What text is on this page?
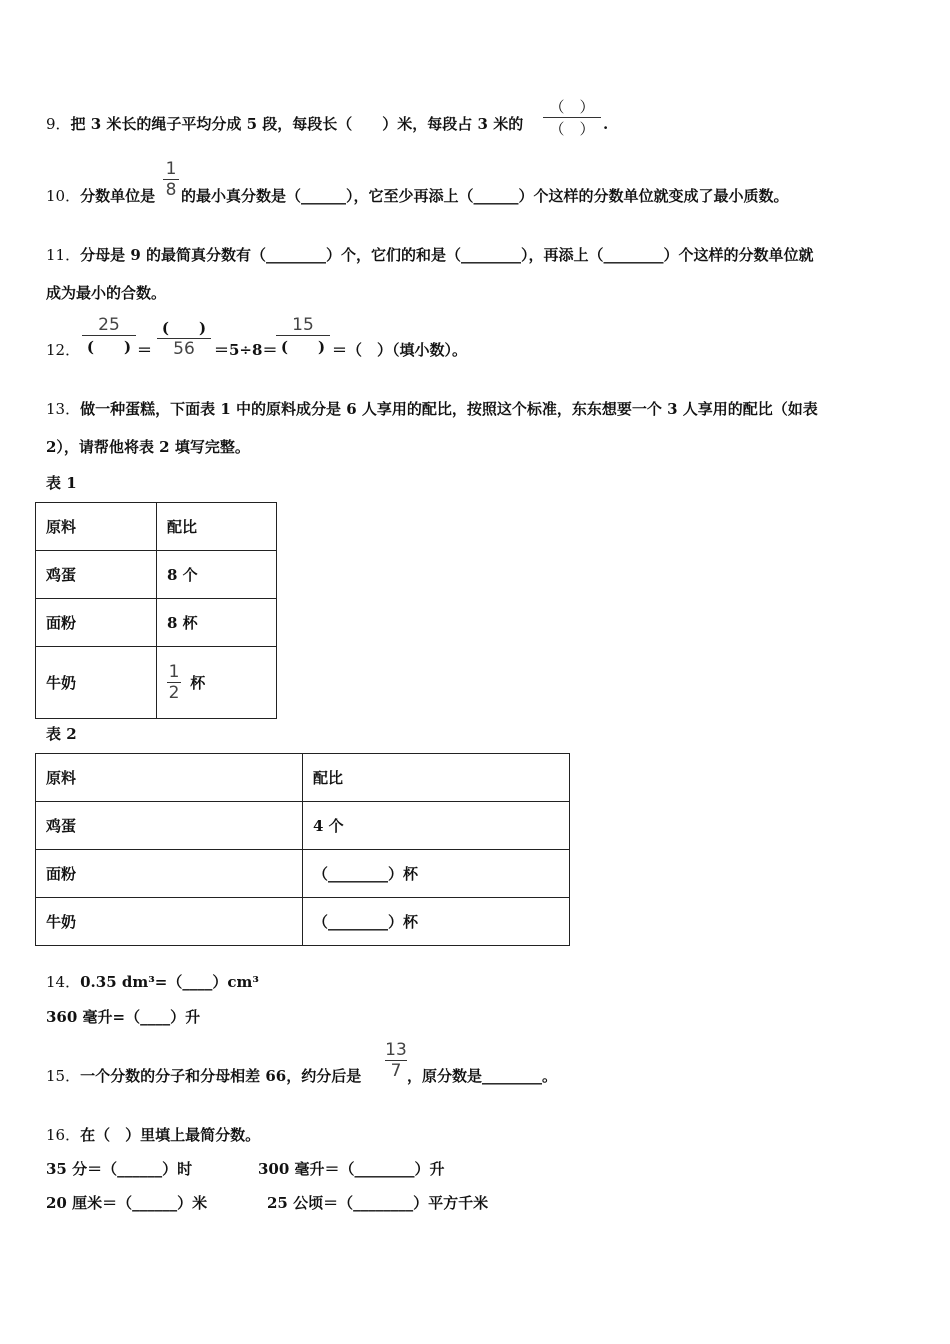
9．把 3 米长的绳子平均分成 5 段，每段长（　　）米，每段占 3 米的
（　）
（　） .
10．分数单位是
1
8 的最小真分数是（______），它至少再添上（______）个这样的分数单位就变成了最小质数。
11．分母是 9 的最简真分数有（________）个，它们的和是（________），再添上（________）个这样的分数单位就
成为最小的合数。
12．
25
(　　) ＝
(　　)
56	＝5÷8＝
15
(　　) ＝（　）（填小数）。
13．做一种蛋糕，下面表 1 中的原料成分是 6 人享用的配比，按照这个标准，东东想要一个 3 人享用的配比（如表
2），请帮他将表 2 填写完整。
表 1
原料	配比
鸡蛋	8 个
面粉	8 杯
牛奶	$\frac{1}{2}$ 杯
表 2
原料	配比
鸡蛋	4 个
面粉	（________）杯
牛奶	（________）杯
14．0.35 dm³=（____）cm³
360 毫升=（____）升
15．一个分数的分子和分母相差 66，约分后是
13
7 ，原分数是________。
16．在（　）里填上最简分数。
35 分＝（______）时	300 毫升＝（________）升
20 厘米＝（______）米	25 公顷＝（________）平方千米
